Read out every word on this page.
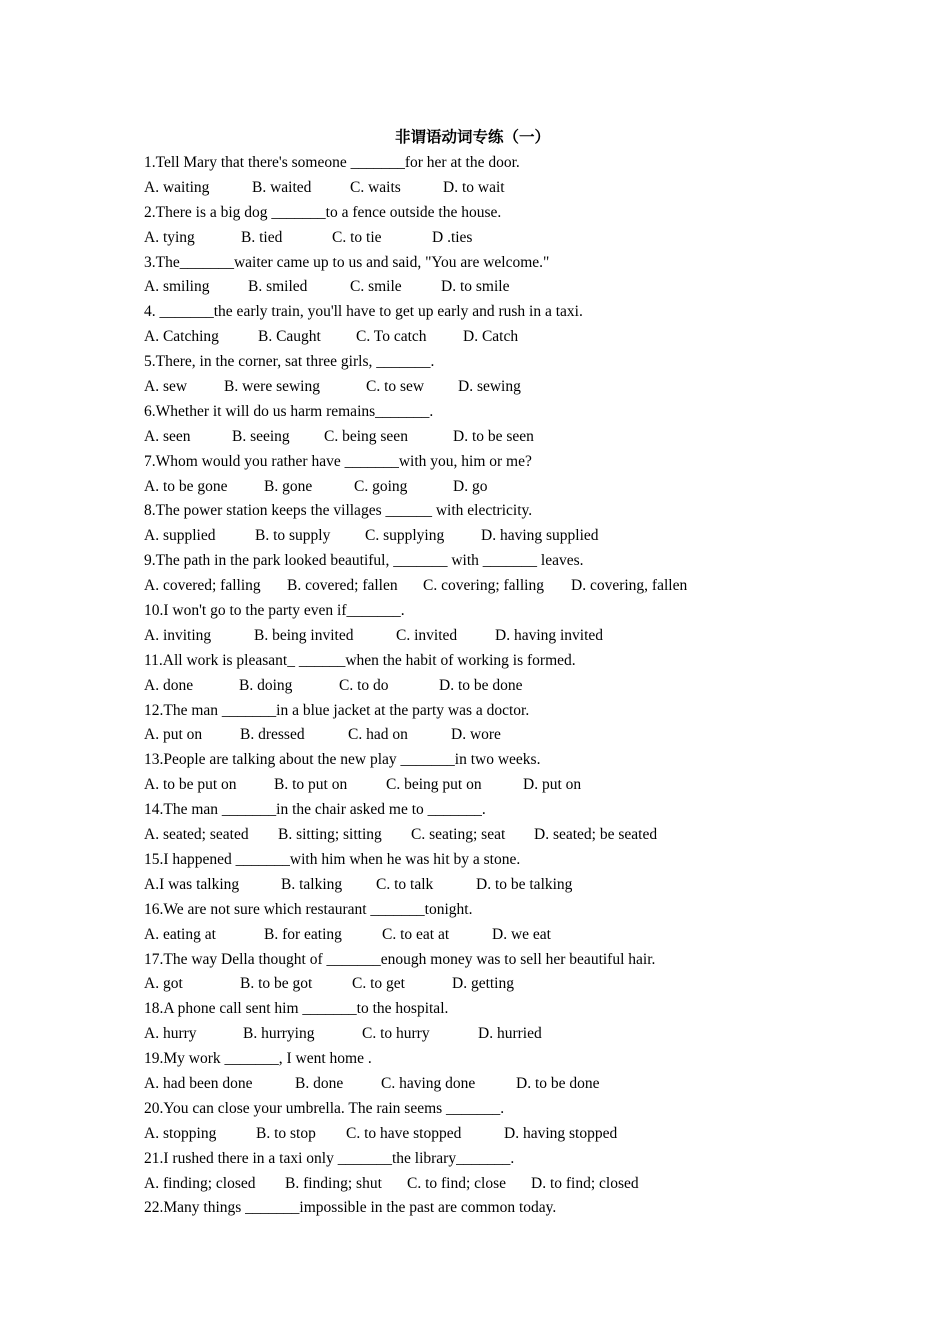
非谓语动词专练（一）
1.Tell Mary that there's someone _______for her at the door.
A. waiting	B. waited C. waits	D. to wait
2.There is a big dog _______to a fence outside the house.
A. tying	B. tied	C. to tie	D .ties
3.The_______waiter came up to us and said, "You are welcome."
A. smiling B. smiled	C. smile	D. to smile
4. _______the early train, you'll have to get up early and rush in a taxi.
A. Catching	B. Caught C. To catch D. Catch
5.There, in the corner, sat three girls, _______.
A. sew B. were sewing	C. to sew D. sewing
6.Whether it will do us harm remains_______.
A. seen	B. seeing C. being seen	D. to be seen
7.Whom would you rather have _______with you, him or me?
A. to be gone B. gone	C. going	D. go
8.The power station keeps the villages ______ with electricity.
A. supplied	B. to supply C. supplying D. having supplied
9.The path in the park looked beautiful, _______ with _______ leaves.
A. covered; falling B. covered; fallen C. covering; falling D. covering, fallen
10.I won't go to the party even if_______.
A. inviting	B. being invited	C. invited D. having invited
11.All work is pleasant_ ______when the habit of working is formed.
A. done	B. doing	C. to do	D. to be done
12.The man _______in a blue jacket at the party was a doctor.
A. put on B. dressed	C. had on	D. wore
13.People are talking about the new play _______in two weeks.
A. to be put on B. to put on	C. being put on	D. put on
14.The man _______in the chair asked me to _______.
A. seated; seated B. sitting; sitting C. seating; seat D. seated; be seated
15.I happened _______with him when he was hit by a stone.
A.I was talking	B. talking C. to talk	D. to be talking
16.We are not sure which restaurant _______tonight.
A. eating at	B. for eating	C. to eat at	D. we eat
17.The way Della thought of _______enough money was to sell her beautiful hair.
A. got	B. to be got	C. to get	D. getting
18.A phone call sent him _______to the hospital.
A. hurry	B. hurrying	C. to hurry	D. hurried
19.My work _______, I went home .
A. had been done	B. done C. having done	D. to be done
20.You can close your umbrella. The rain seems _______.
A. stopping	B. to stop C. to have stopped	D. having stopped
21.I rushed there in a taxi only _______the library_______.
A. finding; closed B. finding; shut C. to find; close D. to find; closed
22.Many things _______impossible in the past are common today.
